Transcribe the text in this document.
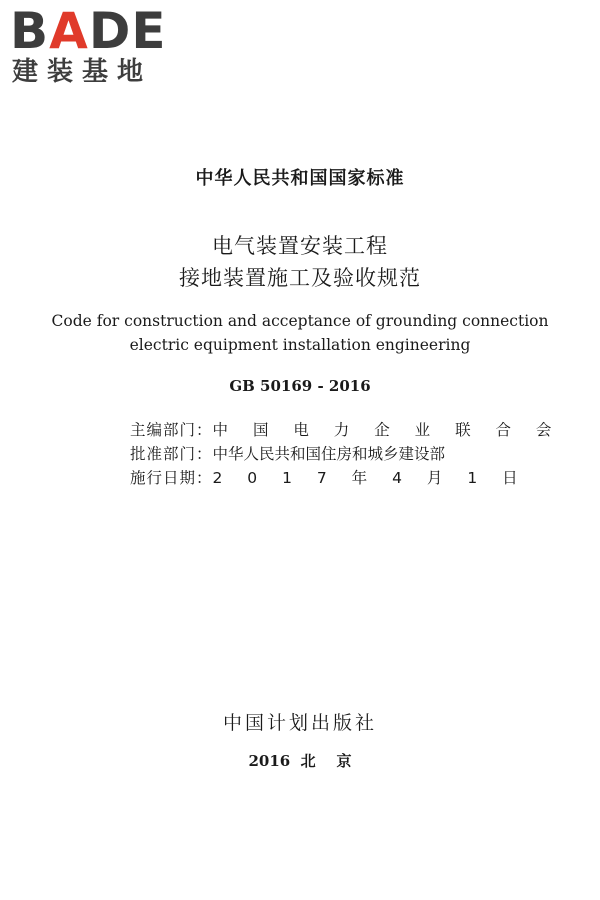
BADE
建装基地
中华人民共和国国家标准
电气装置安装工程
接地装置施工及验收规范
Code for construction and acceptance of grounding connection
electric equipment installation engineering
GB 50169 - 2016
主编部门：中 国 电 力 企 业 联 合 会
批准部门：中华人民共和国住房和城乡建设部
施行日期：2 0 1 7 年 4 月 1 日
中国计划出版社
2016  北    京
